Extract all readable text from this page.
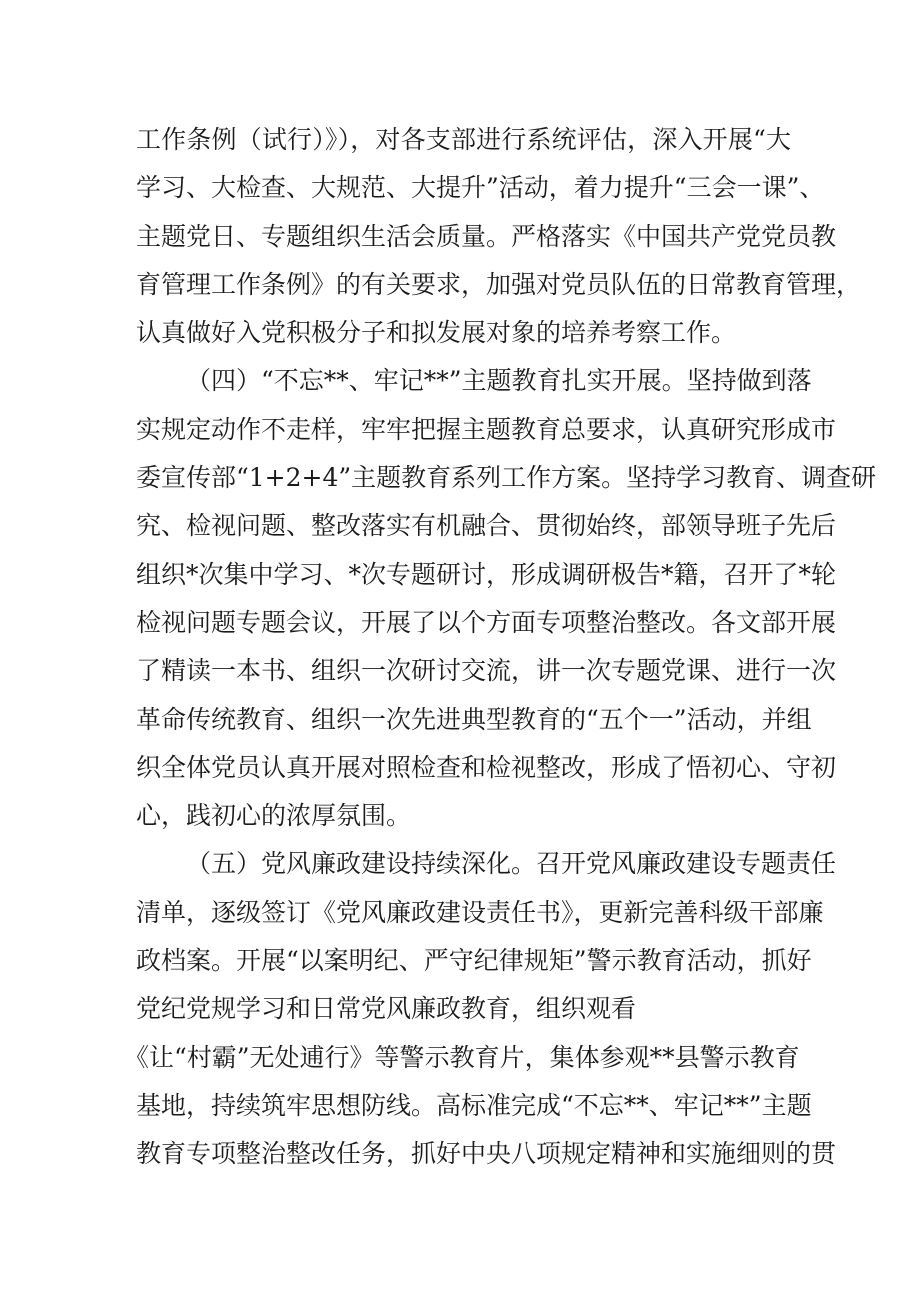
工作条例（试行）》），对各支部进行系统评估，深入开展“大
学习、大检查、大规范、大提升”活动，着力提升“三会一课”、
主题党日、专题组织生活会质量。严格落实《中国共产党党员教
育管理工作条例》的有关要求，加强对党员队伍的日常教育管理，
认真做好入党积极分子和拟发展对象的培养考察工作。
（四）“不忘**、牢记**”主题教育扎实开展。坚持做到落
实规定动作不走样，牢牢把握主题教育总要求，认真研究形成市
委宣传部“1+2+4”主题教育系列工作方案。坚持学习教育、调查研
究、检视问题、整改落实有机融合、贯彻始终，部领导班子先后
组织*次集中学习、*次专题研讨，形成调研极告*籍，召开了*轮
检视问题专题会议，开展了以个方面专项整治整改。各文部开展
了精读一本书、组织一次研讨交流，讲一次专题党课、进行一次
革命传统教育、组织一次先进典型教育的“五个一”活动，并组
织全体党员认真开展对照检查和检视整改，形成了悟初心、守初
心，践初心的浓厚氛围。
（五）党风廉政建设持续深化。召开党风廉政建设专题责任
清单，逐级签订《党风廉政建设责任书》，更新完善科级干部廉
政档案。开展“以案明纪、严守纪律规矩”警示教育活动，抓好
党纪党规学习和日常党风廉政教育，组织观看
《让“村霸”无处逋行》等警示教育片，集体参观**县警示教育
基地，持续筑牢思想防线。高标准完成“不忘**、牢记**”主题
教育专项整治整改任务，抓好中央八项规定精神和实施细则的贯
